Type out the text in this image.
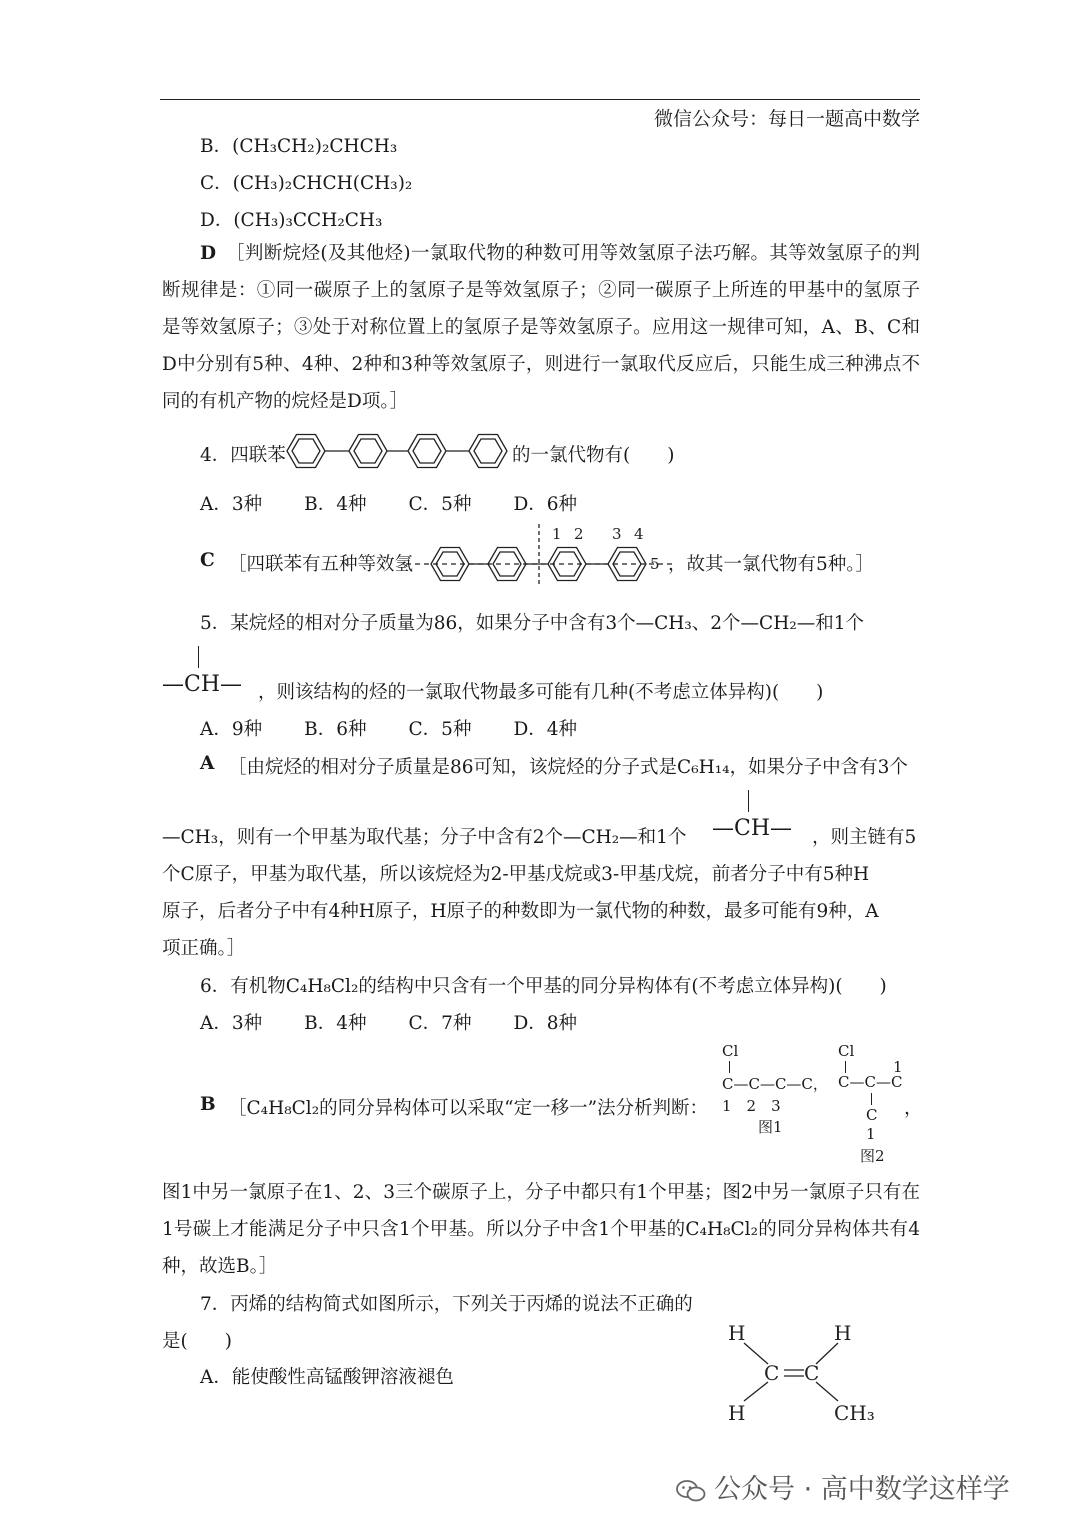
微信公众号：每日一题高中数学
B．(CH₃CH₂)₂CHCH₃
C．(CH₃)₂CHCH(CH₃)₂
D．(CH₃)₃CCH₂CH₃
D　 ［判断烷烃(及其他烃)一氯取代物的种数可用等效氢原子法巧解。其等效氢原子的判断规律是：①同一碳原子上的氢原子是等效氢原子；②同一碳原子上所连的甲基中的氢原子是等效氢原子；③处于对称位置上的氢原子是等效氢原子。应用这一规律可知，A、B、C和D中分别有5种、4种、2种和3种等效氢原子，则进行一氯取代反应后，只能生成三种沸点不同的有机产物的烷烃是D项。］
4．四联苯	的一氯代物有(　　)
A．3种 B．4种 C．5种 D．6种
C ［四联苯有五种等效氢
1 2 3 4
5 ，故其一氯代物有5种。］
5．某烷烃的相对分子质量为86，如果分子中含有3个—CH₃、2个—CH₂—和1个
—CH— ，则该结构的烃的一氯取代物最多可能有几种(不考虑立体异构)(　　)
A．9种 B．6种 C．5种 D．4种
A ［由烷烃的相对分子质量是86可知，该烷烃的分子式是C₆H₁₄，如果分子中含有3个
—CH₃，则有一个甲基为取代基；分子中含有2个—CH₂—和1个 —CH— ，则主链有5
个C原子，甲基为取代基，所以该烷烃为2-甲基戊烷或3-甲基戊烷，前者分子中有5种H
原子，后者分子中有4种H原子，H原子的种数即为一氯代物的种数，最多可能有9种，A
项正确。］
6．有机物C₄H₈Cl₂的结构中只含有一个甲基的同分异构体有(不考虑立体异构)(　　)
A．3种 B．4种 C．7种 D．8种
B ［C₄H₈Cl₂的同分异构体可以采取“定一移一”法分析判断：
Cl
C—C—C—C，
1　2　3
图1
Cl
1
C—C—C
C
1
图2
，
图1中另一氯原子在1、2、3三个碳原子上，分子中都只有1个甲基；图2中另一氯原子只有在1号碳上才能满足分子中只含1个甲基。所以分子中含1个甲基的C₄H₈Cl₂的同分异构体共有4种，故选B。］
7．丙烯的结构简式如图所示，下列关于丙烯的说法不正确的
是(　　)
A．能使酸性高锰酸钾溶液褪色
H	H
C C
H	CH₃
公众号 · 高中数学这样学
